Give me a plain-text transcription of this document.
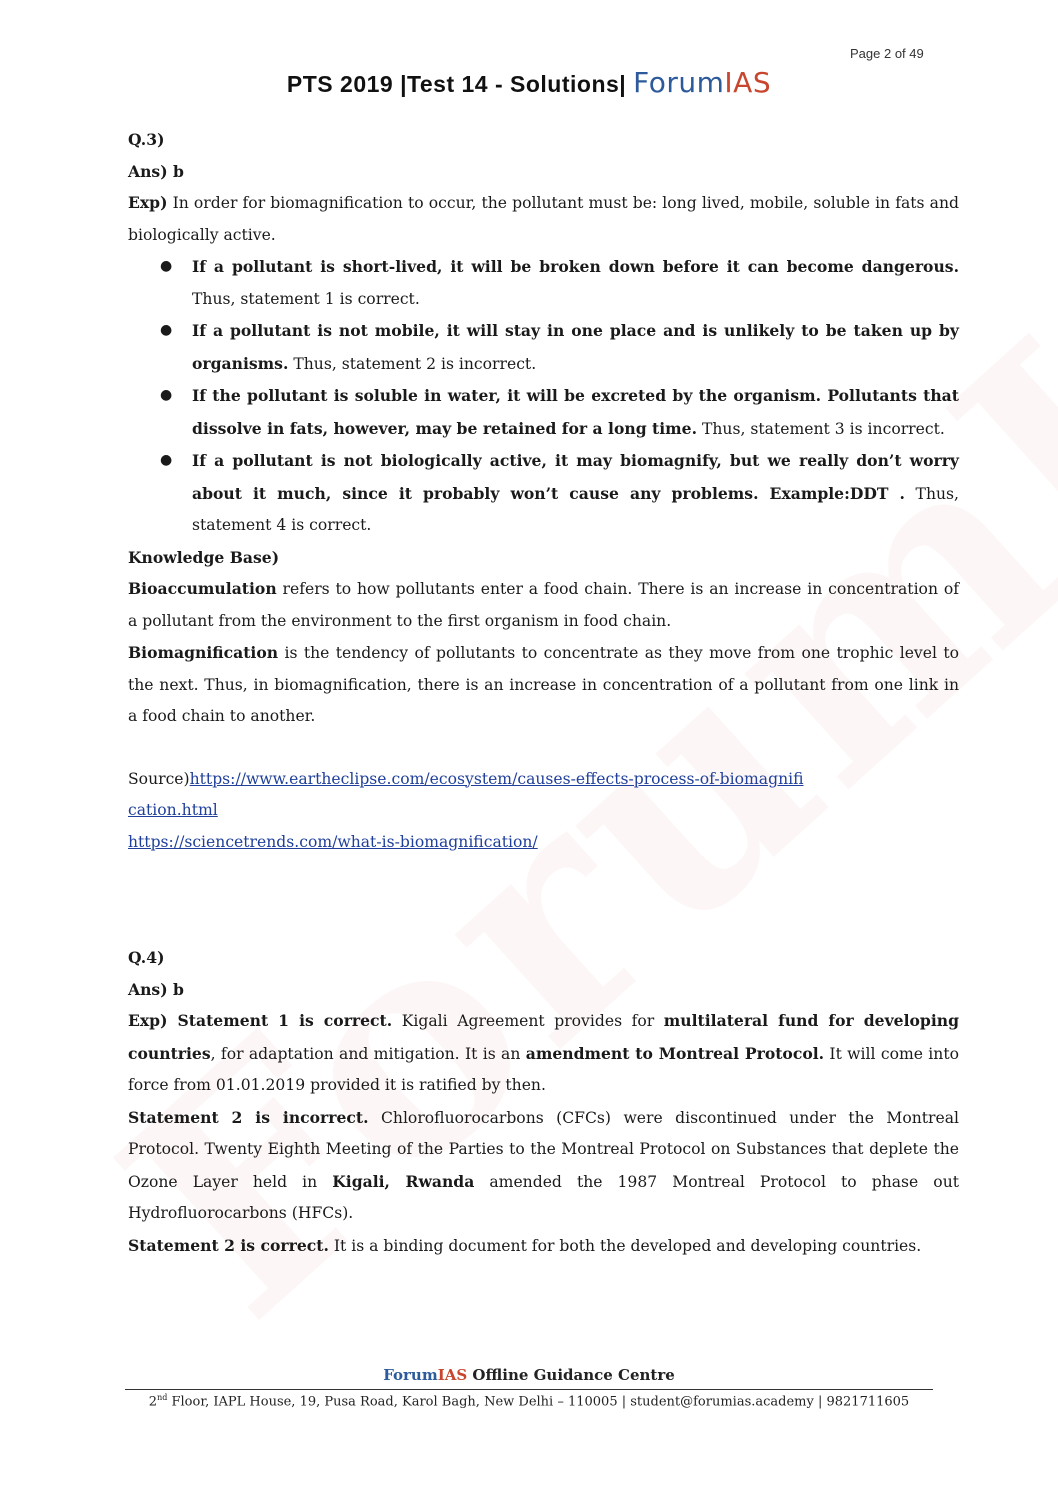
Page 2 of 49
PTS 2019 |Test 14 - Solutions| ForumIAS

Q.3)

Ans) b

Exp) In order for biomagnification to occur, the pollutant must be: long lived, mobile, soluble in fats and biologically active.

● If a pollutant is short-lived, it will be broken down before it can become dangerous. Thus, statement 1 is correct.
● If a pollutant is not mobile, it will stay in one place and is unlikely to be taken up by organisms. Thus, statement 2 is incorrect.
● If the pollutant is soluble in water, it will be excreted by the organism. Pollutants that dissolve in fats, however, may be retained for a long time. Thus, statement 3 is incorrect.
● If a pollutant is not biologically active, it may biomagnify, but we really don’t worry about it much, since it probably won’t cause any problems. Example:DDT . Thus, statement 4 is correct.

Knowledge Base)

Bioaccumulation refers to how pollutants enter a food chain. There is an increase in concentration of a pollutant from the environment to the first organism in food chain.

Biomagnification is the tendency of pollutants to concentrate as they move from one trophic level to the next. Thus, in biomagnification, there is an increase in concentration of a pollutant from one link in a food chain to another.

Source)https://www.eartheclipse.com/ecosystem/causes-effects-process-of-biomagnification.html

https://sciencetrends.com/what-is-biomagnification/

Q.4)

Ans) b

Exp) Statement 1 is correct. Kigali Agreement provides for multilateral fund for developing countries, for adaptation and mitigation. It is an amendment to Montreal Protocol. It will come into force from 01.01.2019 provided it is ratified by then.

Statement 2 is incorrect. Chlorofluorocarbons (CFCs) were discontinued under the Montreal Protocol. Twenty Eighth Meeting of the Parties to the Montreal Protocol on Substances that deplete the Ozone Layer held in Kigali, Rwanda amended the 1987 Montreal Protocol to phase out Hydrofluorocarbons (HFCs).

Statement 2 is correct. It is a binding document for both the developed and developing countries.

ForumIAS Offline Guidance Centre
2nd Floor, IAPL House, 19, Pusa Road, Karol Bagh, New Delhi – 110005 | student@forumias.academy | 9821711605
